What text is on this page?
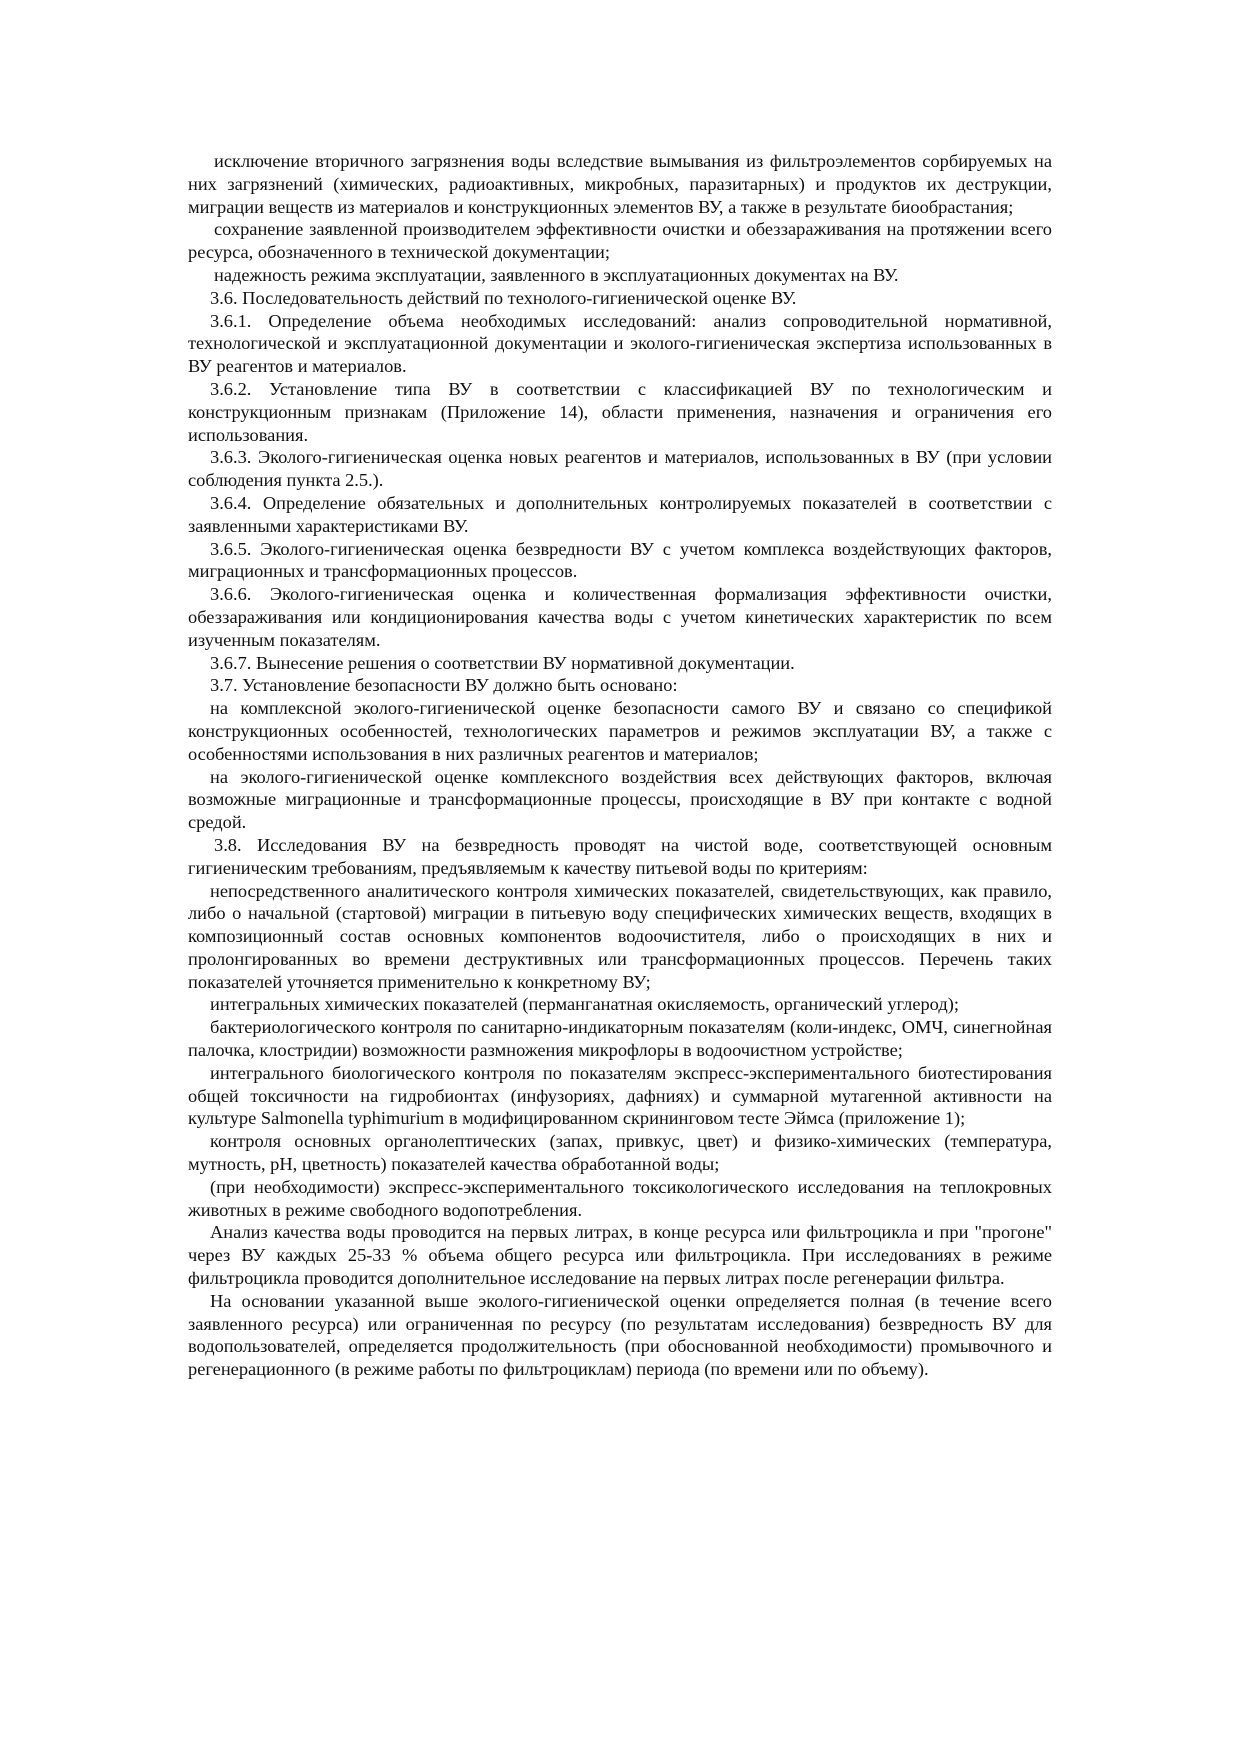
исключение вторичного загрязнения воды вследствие вымывания из фильтроэлементов сорбируемых на них загрязнений (химических, радиоактивных, микробных, паразитарных) и продуктов их деструкции, миграции веществ из материалов и конструкционных элементов ВУ, а также в результате биообрастания;

сохранение заявленной производителем эффективности очистки и обеззараживания на протяжении всего ресурса, обозначенного в технической документации;

надежность режима эксплуатации, заявленного в эксплуатационных документах на ВУ.

3.6. Последовательность действий по технолого-гигиенической оценке ВУ.

3.6.1. Определение объема необходимых исследований: анализ сопроводительной нормативной, технологической и эксплуатационной документации и эколого-гигиеническая экспертиза использованных в ВУ реагентов и материалов.

3.6.2. Установление типа ВУ в соответствии с классификацией ВУ по технологическим и конструкционным признакам (Приложение 14), области применения, назначения и ограничения его использования.

3.6.3. Эколого-гигиеническая оценка новых реагентов и материалов, использованных в ВУ (при условии соблюдения пункта 2.5.).

3.6.4. Определение обязательных и дополнительных контролируемых показателей в соответствии с заявленными характеристиками ВУ.

3.6.5. Эколого-гигиеническая оценка безвредности ВУ с учетом комплекса воздействующих факторов, миграционных и трансформационных процессов.

3.6.6. Эколого-гигиеническая оценка и количественная формализация эффективности очистки, обеззараживания или кондиционирования качества воды с учетом кинетических характеристик по всем изученным показателям.

3.6.7. Вынесение решения о соответствии ВУ нормативной документации.

3.7. Установление безопасности ВУ должно быть основано:

на комплексной эколого-гигиенической оценке безопасности самого ВУ и связано со спецификой конструкционных особенностей, технологических параметров и режимов эксплуатации ВУ, а также с особенностями использования в них различных реагентов и материалов;

на эколого-гигиенической оценке комплексного воздействия всех действующих факторов, включая возможные миграционные и трансформационные процессы, происходящие в ВУ при контакте с водной средой.

3.8. Исследования ВУ на безвредность проводят на чистой воде, соответствующей основным гигиеническим требованиям, предъявляемым к качеству питьевой воды по критериям:

непосредственного аналитического контроля химических показателей, свидетельствующих, как правило, либо о начальной (стартовой) миграции в питьевую воду специфических химических веществ, входящих в композиционный состав основных компонентов водоочистителя, либо о происходящих в них и пролонгированных во времени деструктивных или трансформационных процессов. Перечень таких показателей уточняется применительно к конкретному ВУ;

интегральных химических показателей (перманганатная окисляемость, органический углерод);

бактериологического контроля по санитарно-индикаторным показателям (коли-индекс, ОМЧ, синегнойная палочка, клостридии) возможности размножения микрофлоры в водоочистном устройстве;

интегрального биологического контроля по показателям экспресс-экспериментального биотестирования общей токсичности на гидробионтах (инфузориях, дафниях) и суммарной мутагенной активности на культуре Salmonella typhimurium в модифицированном скрининговом тесте Эймса (приложение 1);

контроля основных органолептических (запах, привкус, цвет) и физико-химических (температура, мутность, pH, цветность) показателей качества обработанной воды;

(при необходимости) экспресс-экспериментального токсикологического исследования на теплокровных животных в режиме свободного водопотребления.

Анализ качества воды проводится на первых литрах, в конце ресурса или фильтроцикла и при "прогоне" через ВУ каждых 25-33 % объема общего ресурса или фильтроцикла. При исследованиях в режиме фильтроцикла проводится дополнительное исследование на первых литрах после регенерации фильтра.

На основании указанной выше эколого-гигиенической оценки определяется полная (в течение всего заявленного ресурса) или ограниченная по ресурсу (по результатам исследования) безвредность ВУ для водопользователей, определяется продолжительность (при обоснованной необходимости) промывочного и регенерационного (в режиме работы по фильтроциклам) периода (по времени или по объему).
